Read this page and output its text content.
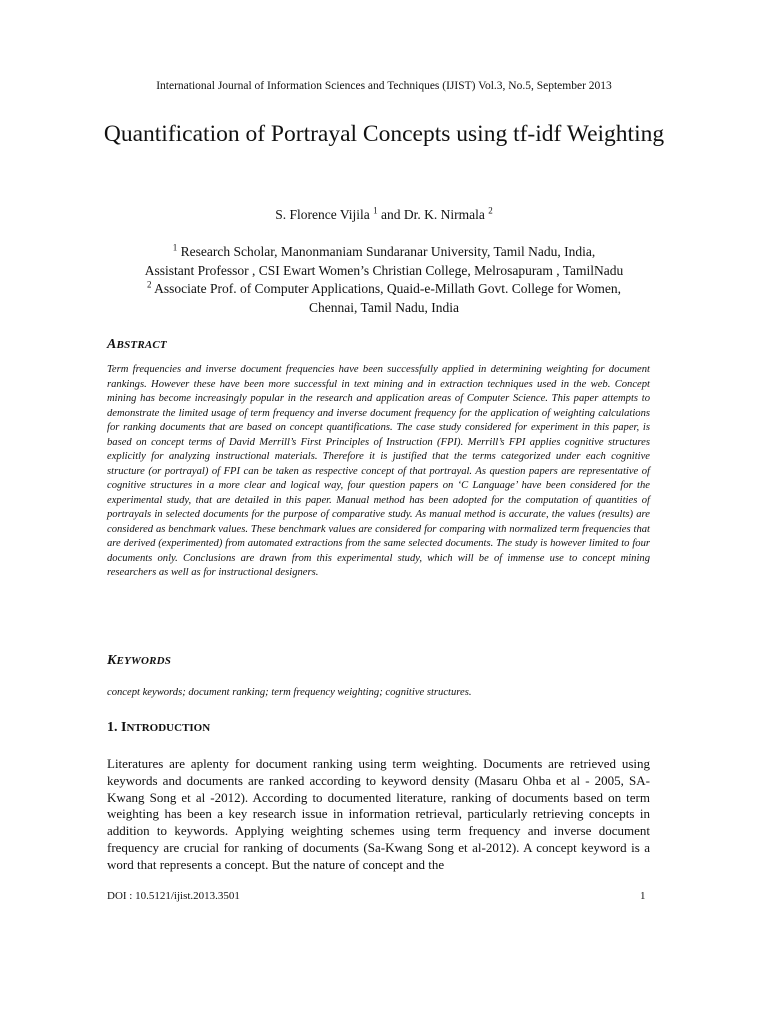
International Journal of Information Sciences and Techniques (IJIST) Vol.3, No.5, September 2013
Quantification of Portrayal Concepts using tf-idf Weighting
S. Florence Vijila $^1$ and Dr. K. Nirmala $^2$
$^1$ Research Scholar, Manonmaniam Sundaranar University, Tamil Nadu, India,
Assistant Professor , CSI Ewart Women’s Christian College, Melrosapuram , TamilNadu
$^2$ Associate Prof. of Computer Applications, Quaid-e-Millath Govt. College for Women,
Chennai, Tamil Nadu, India
ABSTRACT
Term frequencies and inverse document frequencies have been successfully applied in determining weighting for document rankings. However these have been more successful in text mining and in extraction techniques used in the web. Concept mining has become increasingly popular in the research and application areas of Computer Science. This paper attempts to demonstrate the limited usage of term frequency and inverse document frequency for the application of weighting calculations for ranking documents that are based on concept quantifications. The case study considered for experiment in this paper, is based on concept terms of David Merrill’s First Principles of Instruction (FPI). Merrill’s FPI applies cognitive structures explicitly for analyzing instructional materials. Therefore it is justified that the terms categorized under each cognitive structure (or portrayal) of FPI can be taken as respective concept of that portrayal. As question papers are representative of cognitive structures in a more clear and logical way, four question papers on ‘C Language’ have been considered for the experimental study, that are detailed in this paper. Manual method has been adopted for the computation of quantities of portrayals in selected documents for the purpose of comparative study. As manual method is accurate, the values (results) are considered as benchmark values. These benchmark values are considered for comparing with normalized term frequencies that are derived (experimented) from automated extractions from the same selected documents. The study is however limited to four documents only. Conclusions are drawn from this experimental study, which will be of immense use to concept mining researchers as well as for instructional designers.
KEYWORDS
concept keywords; document ranking; term frequency weighting; cognitive structures.
1. INTRODUCTION
Literatures are aplenty for document ranking using term weighting. Documents are retrieved using keywords and documents are ranked according to keyword density (Masaru Ohba et al - 2005, SA-Kwang Song et al -2012). According to documented literature, ranking of documents based on term weighting has been a key research issue in information retrieval, particularly retrieving concepts in addition to keywords. Applying weighting schemes using term frequency and inverse document frequency are crucial for ranking of documents (Sa-Kwang Song et al-2012). A concept keyword is a word that represents a concept. But the nature of concept and the
DOI : 10.5121/ijist.2013.3501	1
